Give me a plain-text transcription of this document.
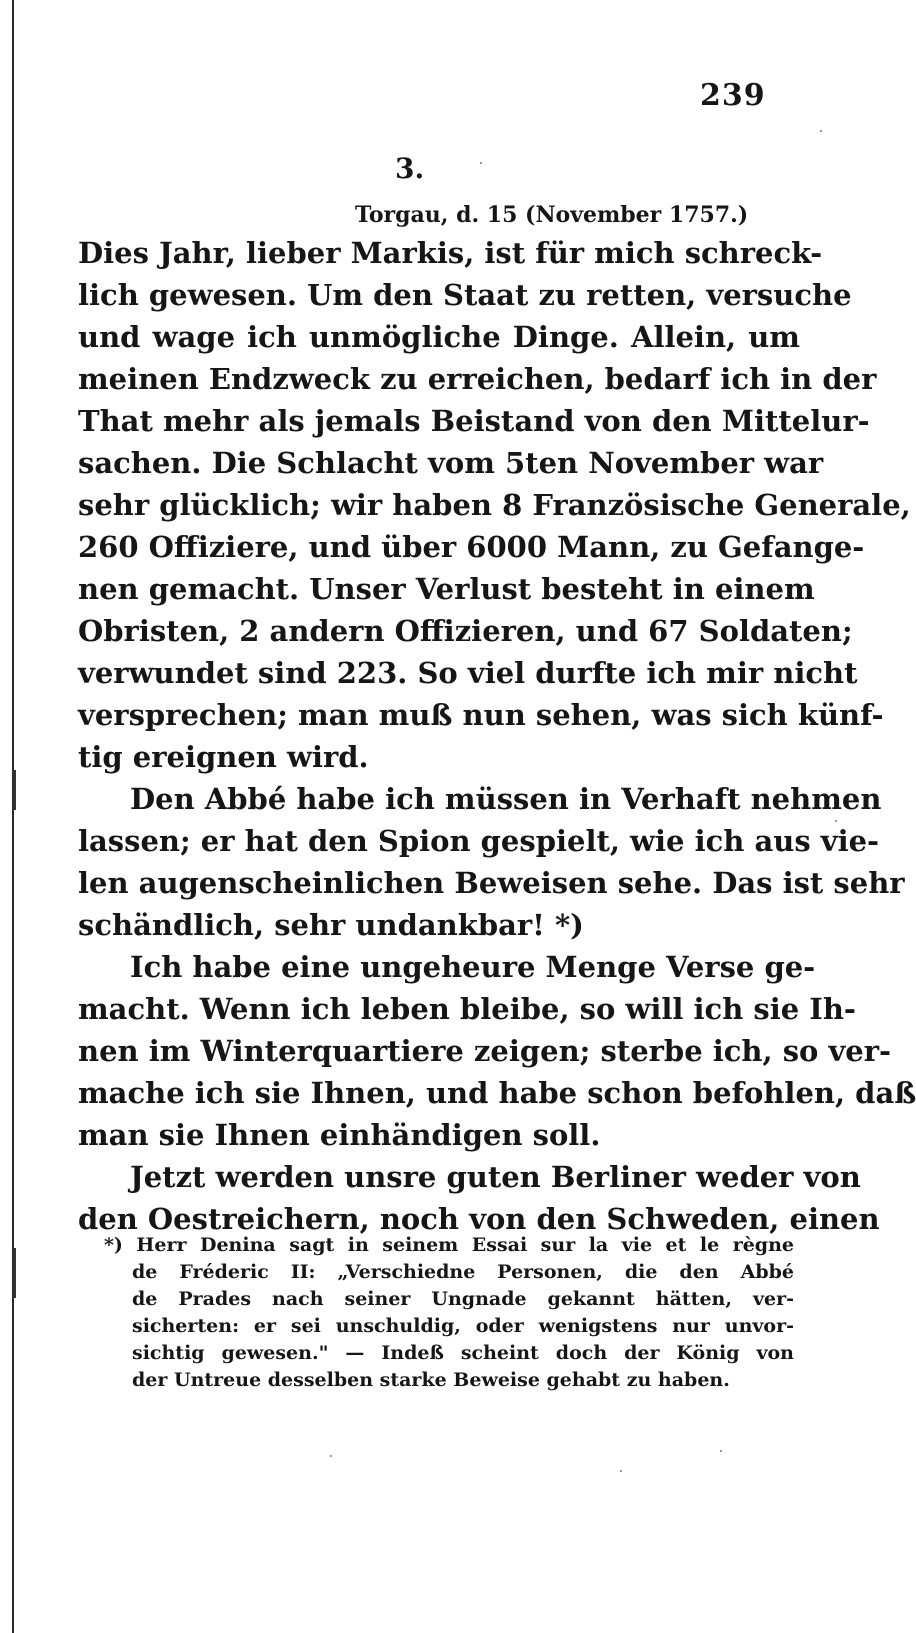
239
3.
Torgau, d. 15 (November 1757.)
Dies Jahr, lieber Markis, ist für mich schreck-
lich gewesen. Um den Staat zu retten, versuche
und wage ich unmögliche Dinge. Allein, um
meinen Endzweck zu erreichen, bedarf ich in der
That mehr als jemals Beistand von den Mittelur-
sachen. Die Schlacht vom 5ten November war
sehr glücklich; wir haben 8 Französische Generale,
260 Offiziere, und über 6000 Mann, zu Gefange-
nen gemacht. Unser Verlust besteht in einem
Obristen, 2 andern Offizieren, und 67 Soldaten;
verwundet sind 223. So viel durfte ich mir nicht
versprechen; man muß nun sehen, was sich künf-
tig ereignen wird.
Den Abbé habe ich müssen in Verhaft nehmen
lassen; er hat den Spion gespielt, wie ich aus vie-
len augenscheinlichen Beweisen sehe. Das ist sehr
schändlich, sehr undankbar! *)
Ich habe eine ungeheure Menge Verse ge-
macht. Wenn ich leben bleibe, so will ich sie Ih-
nen im Winterquartiere zeigen; sterbe ich, so ver-
mache ich sie Ihnen, und habe schon befohlen, daß
man sie Ihnen einhändigen soll.
Jetzt werden unsre guten Berliner weder von
den Oestreichern, noch von den Schweden, einen
*) Herr Denina sagt in seinem Essai sur la vie et le règne
de Fréderic II: „Verschiedne Personen, die den Abbé
de Prades nach seiner Ungnade gekannt hätten, ver-
sicherten: er sei unschuldig, oder wenigstens nur unvor-
sichtig gewesen." — Indeß scheint doch der König von
der Untreue desselben starke Beweise gehabt zu haben.
